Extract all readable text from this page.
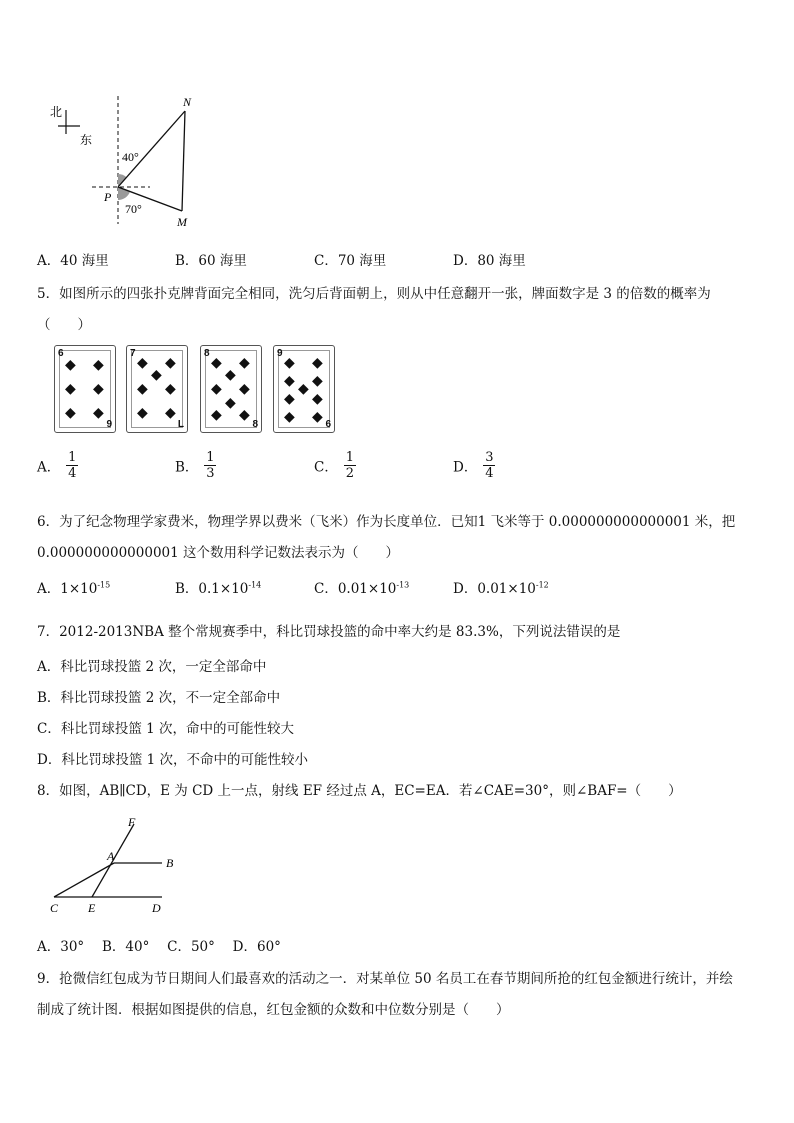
北
东
N
P
M
40°
70°
A．40 海里	B．60 海里	C．70 海里	D．80 海里
5．如图所示的四张扑克牌背面完全相同，洗匀后背面朝上，则从中任意翻开一张，牌面数字是 3 的倍数的概率为
（　　）
6
9
◆ ◆
◆ ◆
◆ ◆
7
L
◆ ◆
◆
◆ ◆
◆ ◆
8
8
◆ ◆
◆
◆ ◆
◆
◆ ◆
9
6
◆ ◆
◆ ◆
◆
◆ ◆
◆ ◆
A． $\frac{1}{4}$	B． $\frac{1}{3}$	C． $\frac{1}{2}$	D． $\frac{3}{4}$
6．为了纪念物理学家费米，物理学界以费米（飞米）作为长度单位．已知1 飞米等于 0.000000000000001 米，把
0.000000000000001 这个数用科学记数法表示为（　　）
A．$1\times 10^{-15}$	B．$0.1\times 10^{-14}$	C．$0.01\times 10^{-13}$	D．$0.01\times 10^{-12}$
7．2012-2013NBA 整个常规赛季中，科比罚球投篮的命中率大约是 83.3%，下列说法错误的是
A．科比罚球投篮 2 次，一定全部命中
B．科比罚球投篮 2 次，不一定全部命中
C．科比罚球投篮 1 次，命中的可能性较大
D．科比罚球投篮 1 次，不命中的可能性较小
8．如图，AB∥CD，E 为 CD 上一点，射线 EF 经过点 A，EC=EA．若∠CAE=30°，则∠BAF=（　　）
F
A	B
C E	D
A．30°　 B．40°　 C．50°　 D．60°
9．抢微信红包成为节日期间人们最喜欢的活动之一．对某单位 50 名员工在春节期间所抢的红包金额进行统计，并绘
制成了统计图．根据如图提供的信息，红包金额的众数和中位数分别是（　　）
